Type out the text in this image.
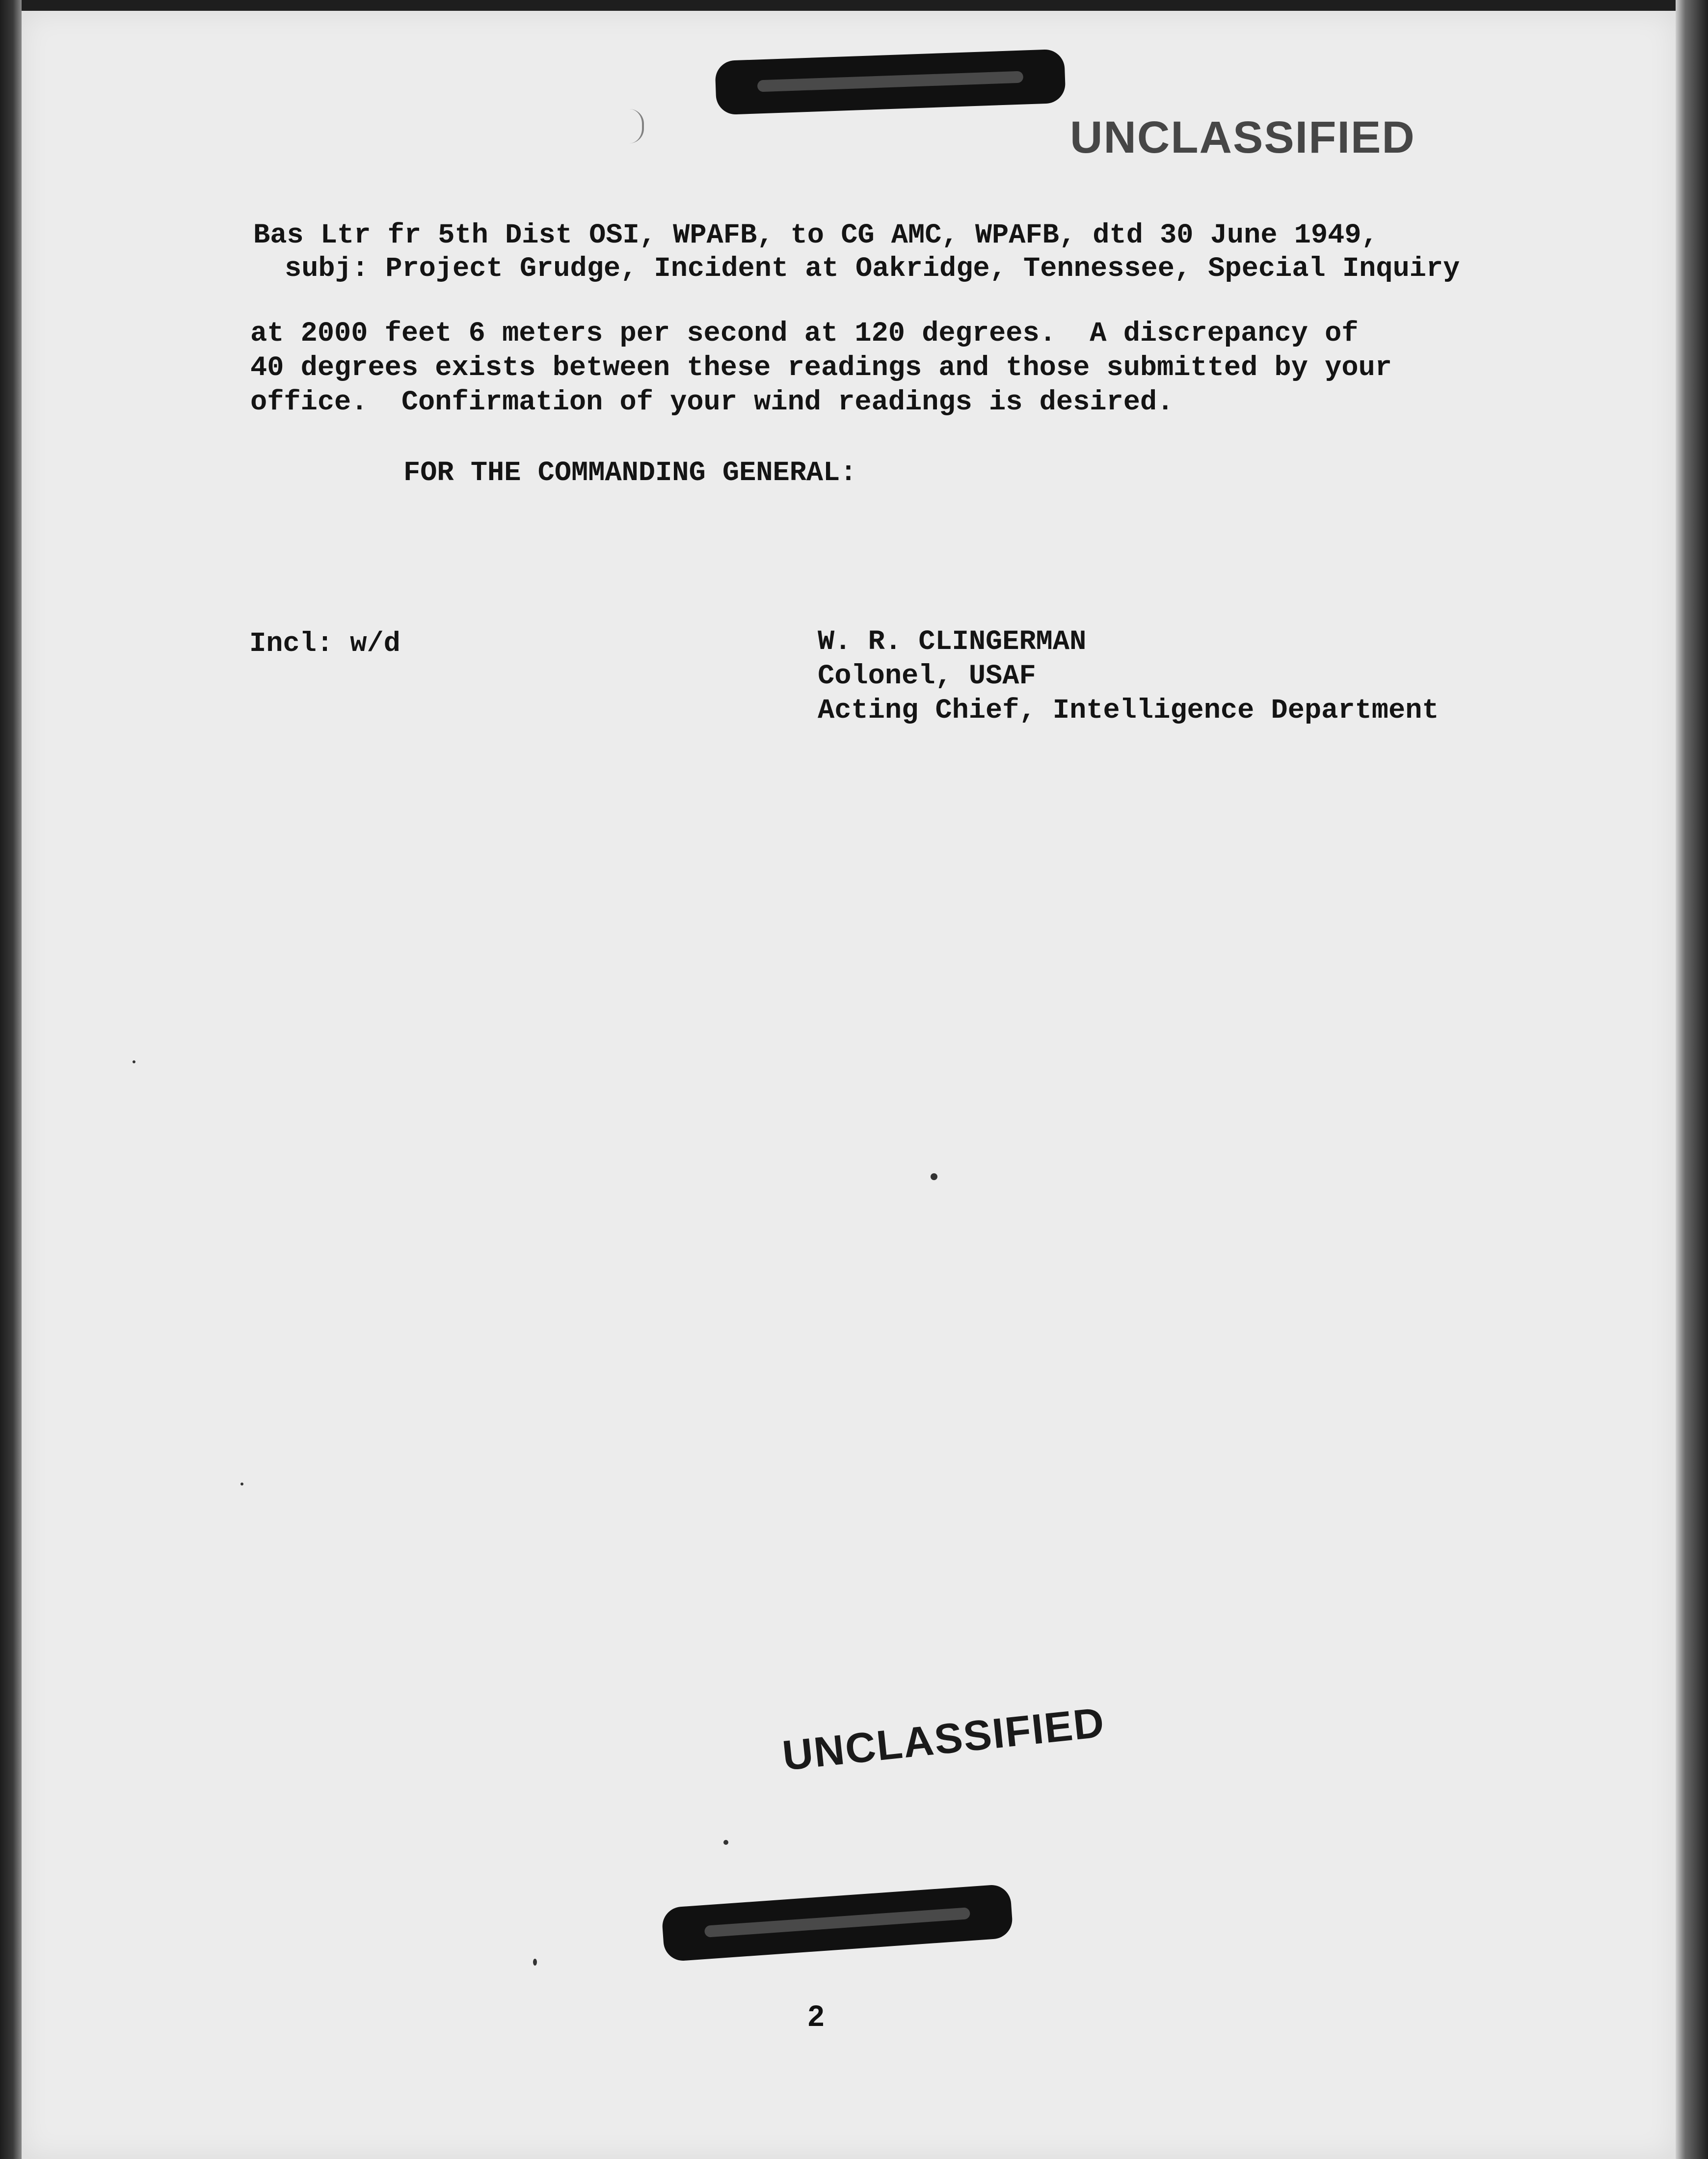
UNCLASSIFIED
Bas Ltr fr 5th Dist OSI, WPAFB, to CG AMC, WPAFB, dtd 30 June 1949,
subj: Project Grudge, Incident at Oakridge, Tennessee, Special Inquiry
at 2000 feet 6 meters per second at 120 degrees.  A discrepancy of
40 degrees exists between these readings and those submitted by your
office.  Confirmation of your wind readings is desired.
FOR THE COMMANDING GENERAL:
Incl: w/d	W. R. CLINGERMAN
Colonel, USAF
Acting Chief, Intelligence Department
UNCLASSIFIED
2
